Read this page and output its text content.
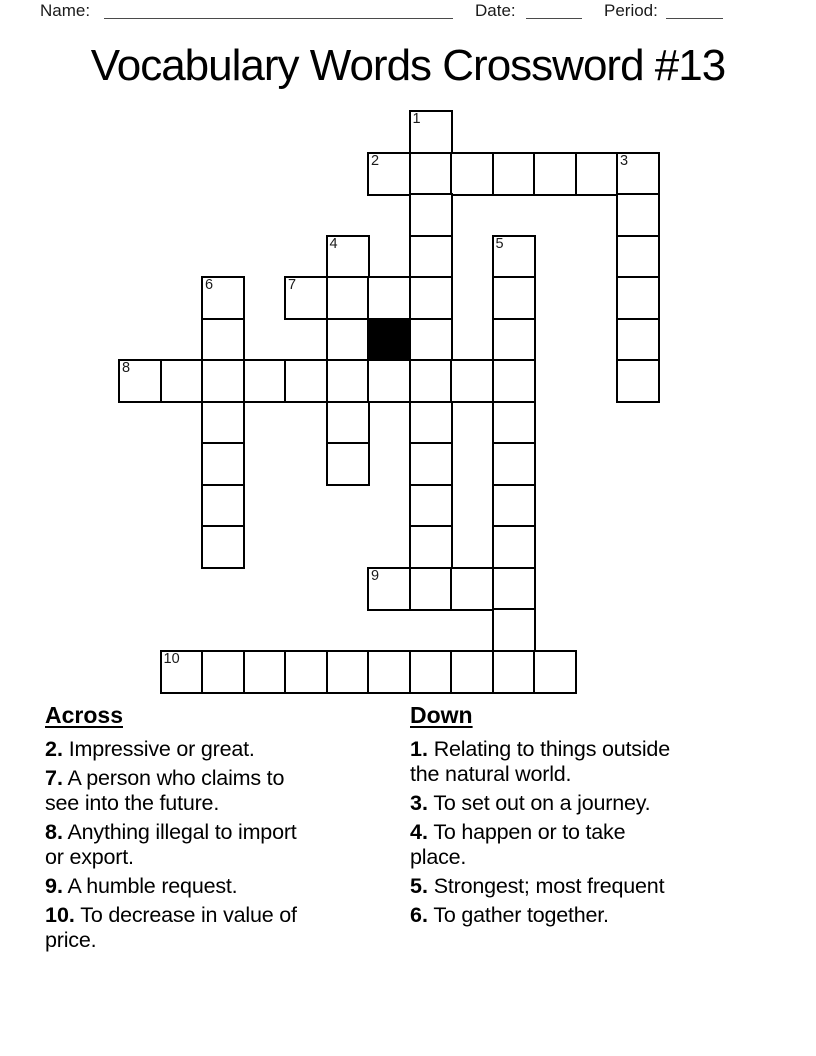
Name:	Date:	Period:
Vocabulary Words Crossword #13
1
2	3
4	5
6	7
8
9
10
Across

2. Impressive or great.

7. A person who claims to
see into the future.

8. Anything illegal to import
or export.

9. A humble request.

10. To decrease in value of
price.

Down

1. Relating to things outside
the natural world.

3. To set out on a journey.

4. To happen or to take
place.

5. Strongest; most frequent

6. To gather together.
